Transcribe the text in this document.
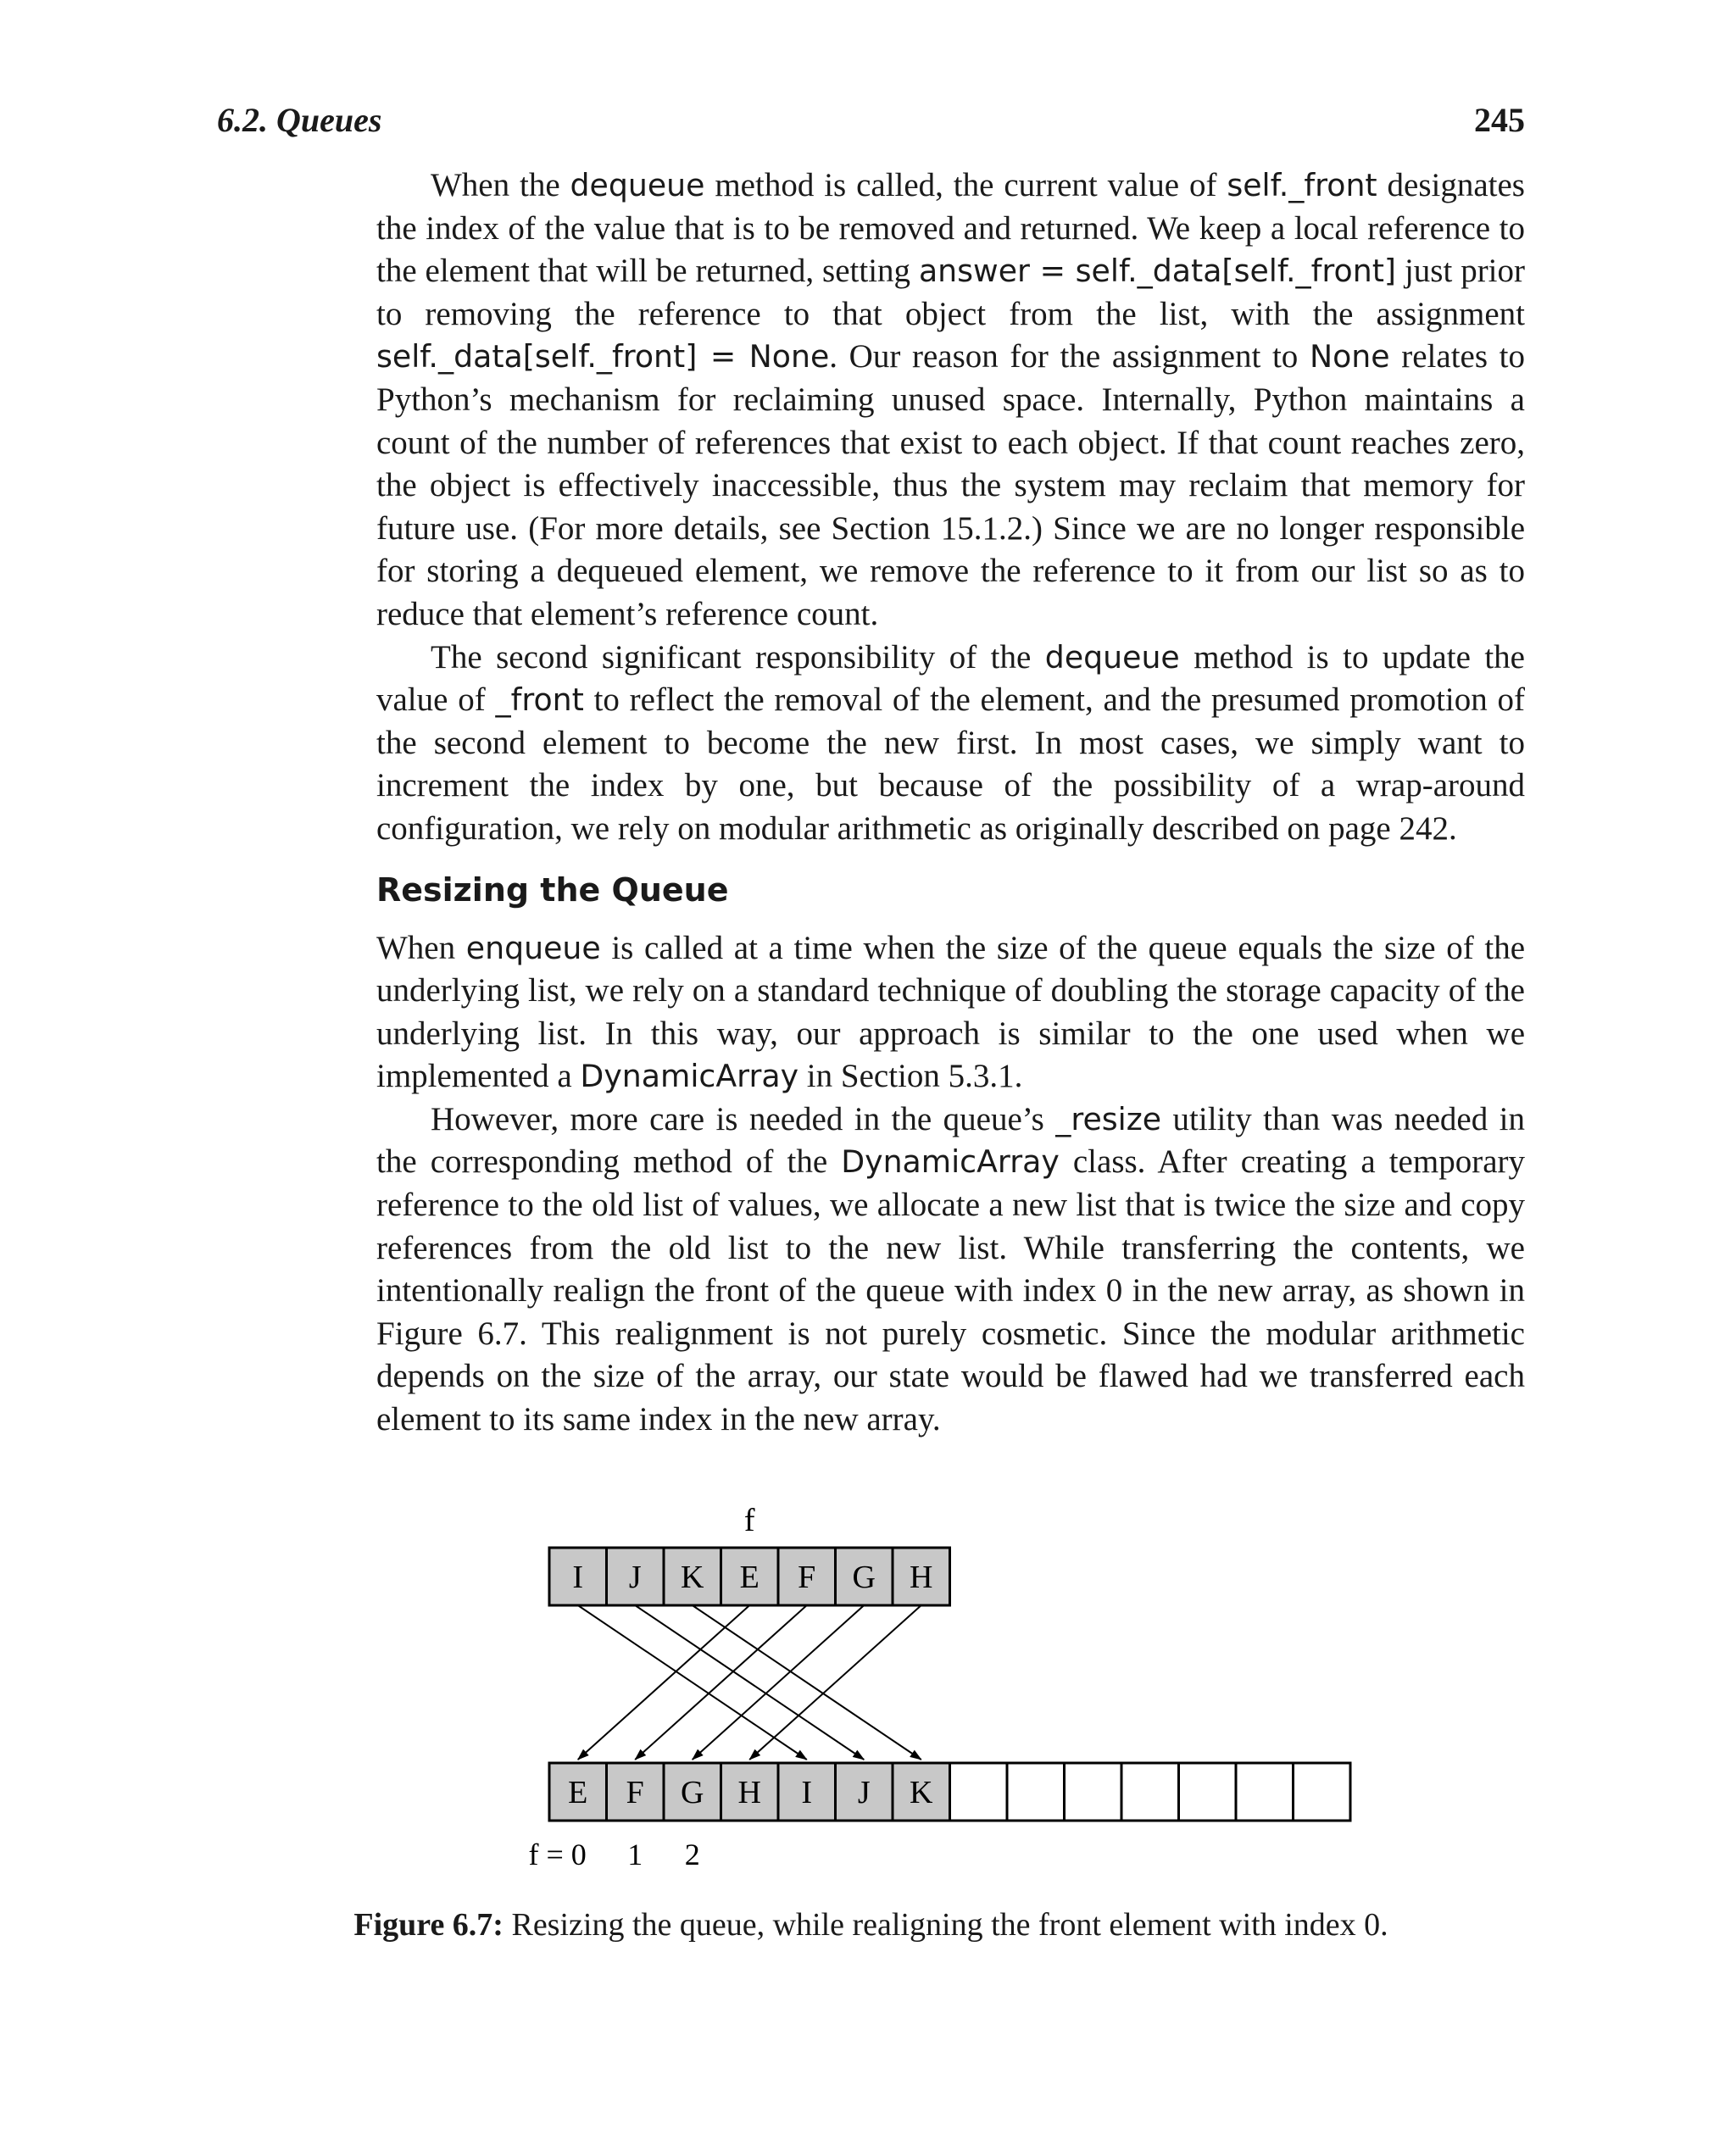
6.2. Queues	245

When the dequeue method is called, the current value of self._front designates the index of the value that is to be removed and returned. We keep a local reference to the element that will be returned, setting answer = self._data[self._front] just prior to removing the reference to that object from the list, with the assignment self._data[self._front] = None. Our reason for the assignment to None relates to Python’s mechanism for reclaiming unused space. Internally, Python maintains a count of the number of references that exist to each object. If that count reaches zero, the object is effectively inaccessible, thus the system may reclaim that memory for future use. (For more details, see Section 15.1.2.) Since we are no longer responsible for storing a dequeued element, we remove the reference to it from our list so as to reduce that element’s reference count.

The second significant responsibility of the dequeue method is to update the value of _front to reflect the removal of the element, and the presumed promotion of the second element to become the new first. In most cases, we simply want to increment the index by one, but because of the possibility of a wrap-around configuration, we rely on modular arithmetic as originally described on page 242.

Resizing the Queue

When enqueue is called at a time when the size of the queue equals the size of the underlying list, we rely on a standard technique of doubling the storage capacity of the underlying list. In this way, our approach is similar to the one used when we implemented a DynamicArray in Section 5.3.1.

However, more care is needed in the queue’s _resize utility than was needed in the corresponding method of the DynamicArray class. After creating a temporary reference to the old list of values, we allocate a new list that is twice the size and copy references from the old list to the new list. While transferring the contents, we intentionally realign the front of the queue with index 0 in the new array, as shown in Figure 6.7. This realignment is not purely cosmetic. Since the modular arithmetic depends on the size of the array, our state would be flawed had we transferred each element to its same index in the new array.

f
I J K E F G H
E F G H I J K
f = 0 1 2
Figure 6.7: Resizing the queue, while realigning the front element with index 0.
